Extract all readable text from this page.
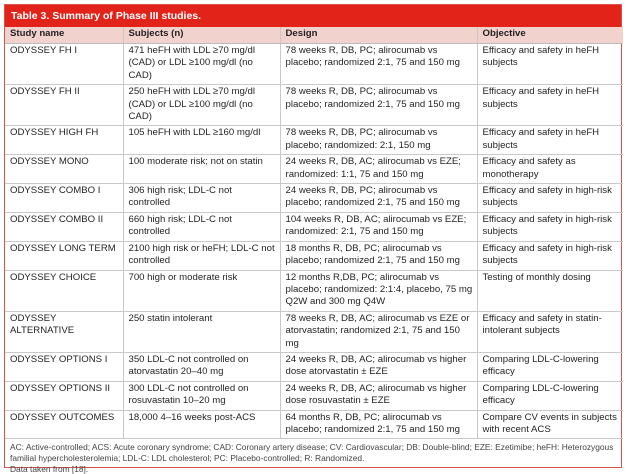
Table 3. Summary of Phase III studies.
Study name	Subjects (n)	Design	Objective
ODYSSEY FH I	471 heFH with LDL ≥70 mg/dl (CAD) or LDL ≥100 mg/dl (no CAD)	78 weeks R, DB, PC; alirocumab vs placebo; randomized 2:1, 75 and 150 mg	Efficacy and safety in heFH subjects
ODYSSEY FH II	250 heFH with LDL ≥70 mg/dl (CAD) or LDL ≥100 mg/dl (no CAD)	78 weeks R, DB, PC; alirocumab vs placebo; randomized 2:1, 75 and 150 mg	Efficacy and safety in heFH subjects
ODYSSEY HIGH FH	105 heFH with LDL ≥160 mg/dl	78 weeks R, DB, PC; alirocumab vs placebo; randomized: 2:1, 150 mg	Efficacy and safety in heFH subjects
ODYSSEY MONO	100 moderate risk; not on statin	24 weeks R, DB, AC; alirocumab vs EZE; randomized: 1:1, 75 and 150 mg	Efficacy and safety as monotherapy
ODYSSEY COMBO I	306 high risk; LDL-C not controlled	24 weeks R, DB, PC; alirocumab vs placebo; randomized 2:1, 75 and 150 mg	Efficacy and safety in high-risk subjects
ODYSSEY COMBO II	660 high risk; LDL-C not controlled	104 weeks R, DB, AC; alirocumab vs EZE; randomized: 2:1, 75 and 150 mg	Efficacy and safety in high-risk subjects
ODYSSEY LONG TERM	2100 high risk or heFH; LDL-C not controlled	18 months R, DB, PC; alirocumab vs placebo; randomized 2:1, 75 and 150 mg	Efficacy and safety in high-risk subjects
ODYSSEY CHOICE	700 high or moderate risk	12 months R,DB, PC; alirocumab vs placebo; randomized: 2:1:4, placebo, 75 mg Q2W and 300 mg Q4W	Testing of monthly dosing
ODYSSEY ALTERNATIVE	250 statin intolerant	78 weeks R, DB, AC; alirocumab vs EZE or atorvastatin; randomized 2:1, 75 and 150 mg	Efficacy and safety in statin-intolerant subjects
ODYSSEY OPTIONS I	350 LDL-C not controlled on atorvastatin 20–40 mg	24 weeks R, DB, AC; alirocumab vs higher dose atorvastatin ± EZE	Comparing LDL-C-lowering efficacy
ODYSSEY OPTIONS II	300 LDL-C not controlled on rosuvastatin 10–20 mg	24 weeks R, DB, AC; alirocumab vs higher dose rosuvastatin ± EZE	Comparing LDL-C-lowering efficacy
ODYSSEY OUTCOMES	18,000 4–16 weeks post-ACS	64 months R, DB, PC; alirocumab vs placebo; randomized 2:1, 75 and 150 mg	Compare CV events in subjects with recent ACS
AC: Active-controlled; ACS: Acute coronary syndrome; CAD: Coronary artery disease; CV: Cardiovascular; DB: Double-blind; EZE: Ezetimibe; heFH: Heterozygous familial hypercholesterolemia; LDL-C: LDL cholesterol; PC: Placebo-controlled; R: Randomized.
Data taken from [18].
